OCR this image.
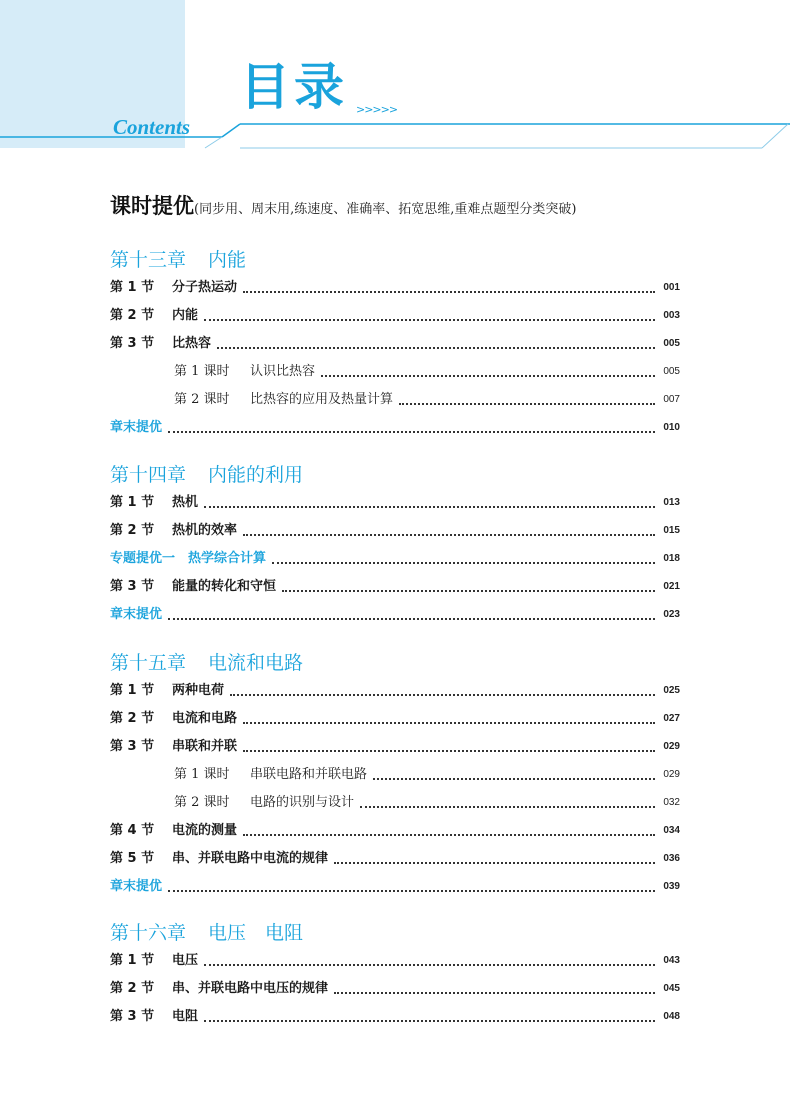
目录 >>>>>
Contents
课时提优(同步用、周末用,练速度、准确率、拓宽思维,重难点题型分类突破)
第十三章 内能
第 1 节 分子热运动	001
第 2 节 内能	003
第 3 节 比热容	005
第 1 课时 认识比热容	005
第 2 课时 比热容的应用及热量计算	007
章末提优	010
第十四章 内能的利用
第 1 节 热机	013
第 2 节 热机的效率	015
专题提优一　热学综合计算	018
第 3 节 能量的转化和守恒	021
章末提优	023
第十五章 电流和电路
第 1 节 两种电荷	025
第 2 节 电流和电路	027
第 3 节 串联和并联	029
第 1 课时 串联电路和并联电路	029
第 2 课时 电路的识别与设计	032
第 4 节 电流的测量	034
第 5 节 串、并联电路中电流的规律	036
章末提优	039
第十六章 电压　电阻
第 1 节 电压	043
第 2 节 串、并联电路中电压的规律	045
第 3 节 电阻	048
